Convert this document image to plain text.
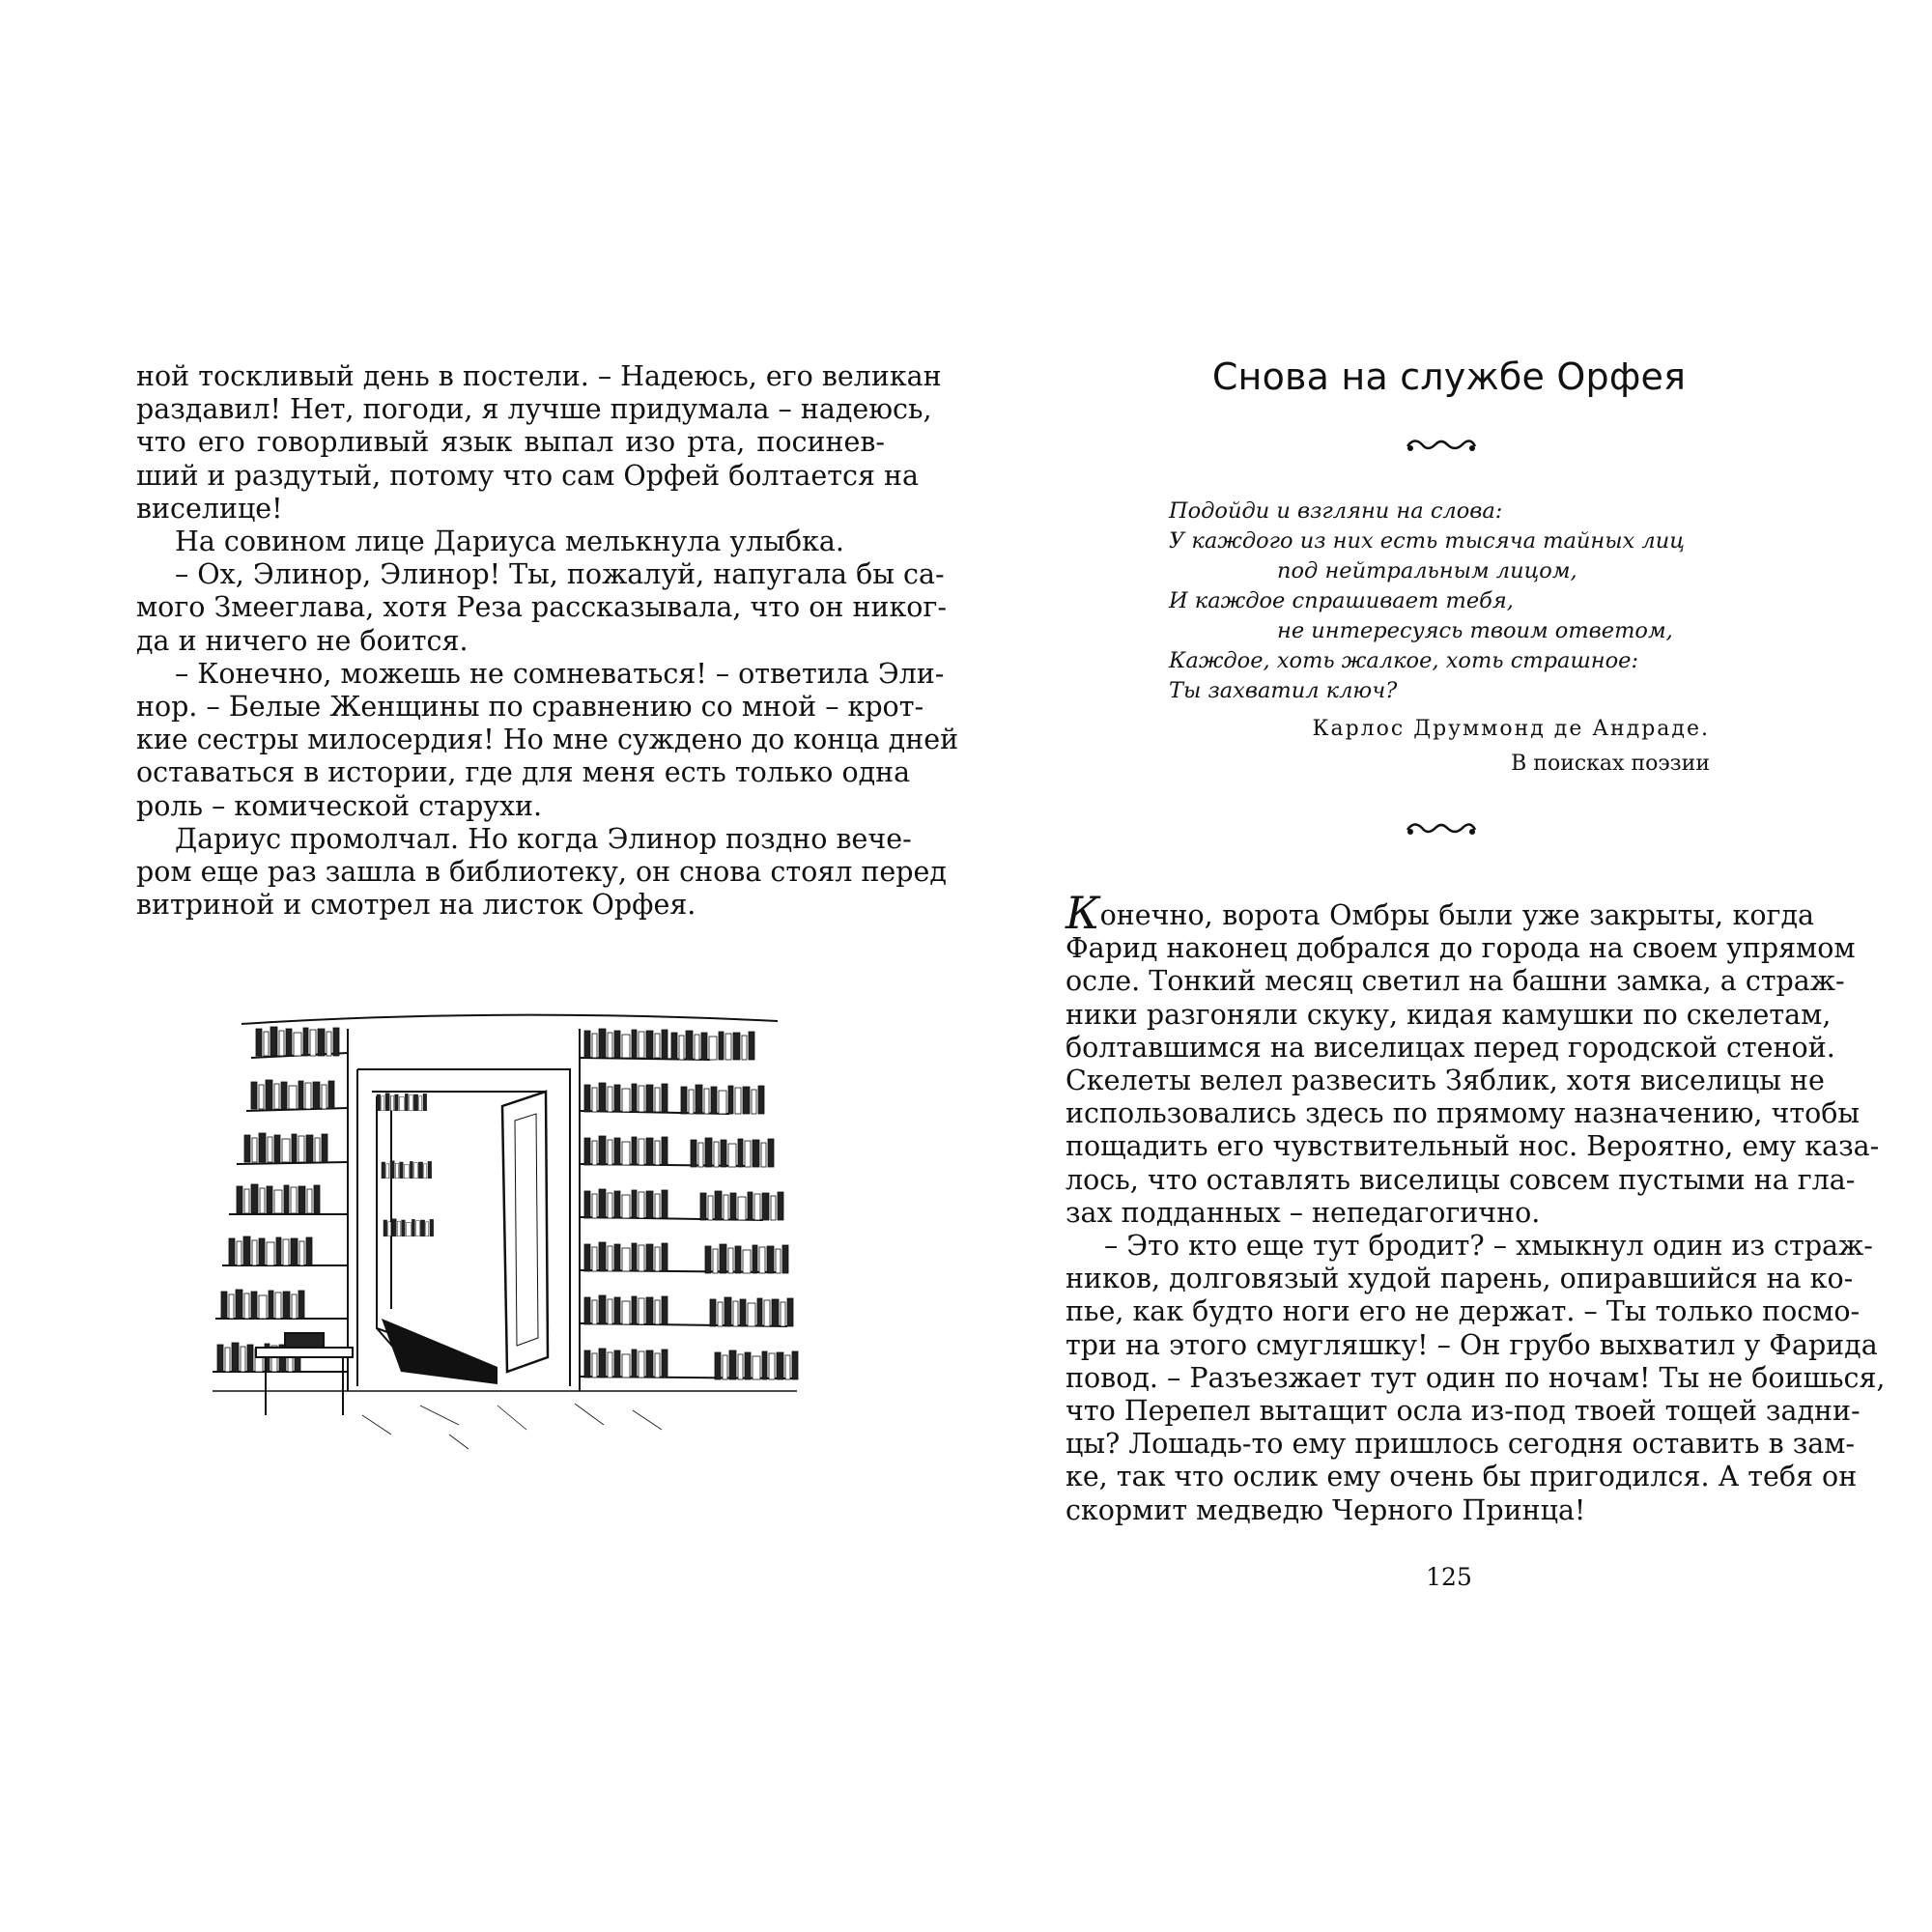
ной тоскливый день в постели. – Надеюсь, его великан
раздавил! Нет, погоди, я лучше придумала – надеюсь,
что его говорливый язык выпал изо рта, посинев-
ший и раздутый, потому что сам Орфей болтается на
виселице!

На совином лице Дариуса мелькнула улыбка.

– Ох, Элинор, Элинор! Ты, пожалуй, напугала бы са-
мого Змееглава, хотя Реза рассказывала, что он никог-
да и ничего не боится.

– Конечно, можешь не сомневаться! – ответила Эли-
нор. – Белые Женщины по сравнению со мной – крот-
кие сестры милосердия! Но мне суждено до конца дней
оставаться в истории, где для меня есть только одна
роль – комической старухи.

Дариус промолчал. Но когда Элинор поздно вече-
ром еще раз зашла в библиотеку, он снова стоял перед
витриной и смотрел на листок Орфея.

Снова на службе Орфея
Подойди и взгляни на слова:
У каждого из них есть тысяча тайных лиц
под нейтральным лицом,
И каждое спрашивает тебя,
не интересуясь твоим ответом,
Каждое, хоть жалкое, хоть страшное:
Ты захватил ключ?
Карлос Друммонд де Андраде.
В поисках поэзии

Конечно, ворота Омбры были уже закрыты, когда
Фарид наконец добрался до города на своем упрямом
осле. Тонкий месяц светил на башни замка, а страж-
ники разгоняли скуку, кидая камушки по скелетам,
болтавшимся на виселицах перед городской стеной.
Скелеты велел развесить Зяблик, хотя виселицы не
использовались здесь по прямому назначению, чтобы
пощадить его чувствительный нос. Вероятно, ему каза-
лось, что оставлять виселицы совсем пустыми на гла-
зах подданных – непедагогично.

– Это кто еще тут бродит? – хмыкнул один из страж-
ников, долговязый худой парень, опиравшийся на ко-
пье, как будто ноги его не держат. – Ты только посмо-
три на этого смугляшку! – Он грубо выхватил у Фарида
повод. – Разъезжает тут один по ночам! Ты не боишься,
что Перепел вытащит осла из-под твоей тощей задни-
цы? Лошадь-то ему пришлось сегодня оставить в зам-
ке, так что ослик ему очень бы пригодился. А тебя он
скормит медведю Черного Принца!

125
